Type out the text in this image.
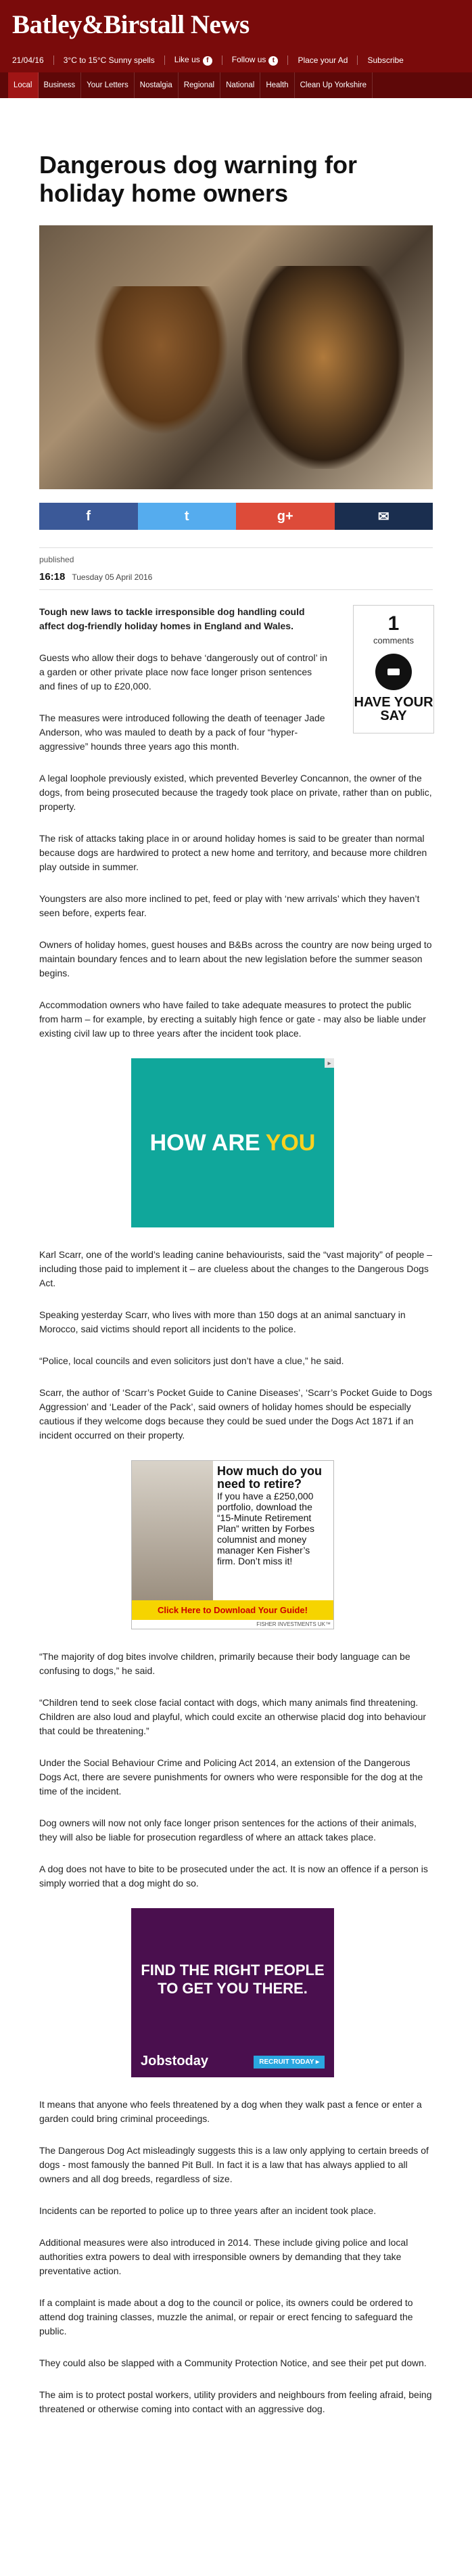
Batley&Birstall News
21/04/16 3°C to 15°C Sunny spells Like us f	Follow us t	Place your Ad Subscribe
Local	Business	Your Letters	Nostalgia	Regional	National	Health	Clean Up Yorkshire
Dangerous dog warning for holiday home owners
f	t	g+	✉
published
16:18 Tuesday 05 April 2016
1
comments
HAVE YOUR SAY

Tough new laws to tackle irresponsible dog handling could affect dog-friendly holiday homes in England and Wales.

Guests who allow their dogs to behave ‘dangerously out of control’ in a garden or other private place now face longer prison sentences and fines of up to £20,000.

The measures were introduced following the death of teenager Jade Anderson, who was mauled to death by a pack of four “hyper-aggressive” hounds three years ago this month.

A legal loophole previously existed, which prevented Beverley Concannon, the owner of the dogs, from being prosecuted because the tragedy took place on private, rather than on public, property.

The risk of attacks taking place in or around holiday homes is said to be greater than normal because dogs are hardwired to protect a new home and territory, and because more children play outside in summer.

Youngsters are also more inclined to pet, feed or play with ‘new arrivals’ which they haven’t seen before, experts fear.

Owners of holiday homes, guest houses and B&Bs across the country are now being urged to maintain boundary fences and to learn about the new legislation before the summer season begins.

Accommodation owners who have failed to take adequate measures to protect the public from harm – for example, by erecting a suitably high fence or gate - may also be liable under existing civil law up to three years after the incident took place.

HOW ARE YOU
▸

Karl Scarr, one of the world’s leading canine behaviourists, said the “vast majority” of people – including those paid to implement it – are clueless about the changes to the Dangerous Dogs Act.

Speaking yesterday Scarr, who lives with more than 150 dogs at an animal sanctuary in Morocco, said victims should report all incidents to the police.

“Police, local councils and even solicitors just don’t have a clue,” he said.

Scarr, the author of ‘Scarr’s Pocket Guide to Canine Diseases’, ‘Scarr’s Pocket Guide to Dogs Aggression’ and ‘Leader of the Pack’, said owners of holiday homes should be especially cautious if they welcome dogs because they could be sued under the Dogs Act 1871 if an incident occurred on their property.

How much do you need to retire?
If you have a £250,000 portfolio, download the “15-Minute Retirement Plan” written by Forbes columnist and money manager Ken Fisher’s firm. Don’t miss it!
Click Here to Download Your Guide!
FISHER INVESTMENTS UK™

“The majority of dog bites involve children, primarily because their body language can be confusing to dogs,” he said.

“Children tend to seek close facial contact with dogs, which many animals find threatening. Children are also loud and playful, which could excite an otherwise placid dog into behaviour that could be threatening.”

Under the Social Behaviour Crime and Policing Act 2014, an extension of the Dangerous Dogs Act, there are severe punishments for owners who were responsible for the dog at the time of the incident.

Dog owners will now not only face longer prison sentences for the actions of their animals, they will also be liable for prosecution regardless of where an attack takes place.

A dog does not have to bite to be prosecuted under the act. It is now an offence if a person is simply worried that a dog might do so.

FIND THE RIGHT PEOPLE TO GET YOU THERE.
Jobstoday	RECRUIT TODAY ▸

It means that anyone who feels threatened by a dog when they walk past a fence or enter a garden could bring criminal proceedings.

The Dangerous Dog Act misleadingly suggests this is a law only applying to certain breeds of dogs - most famously the banned Pit Bull. In fact it is a law that has always applied to all owners and all dog breeds, regardless of size.

Incidents can be reported to police up to three years after an incident took place.

Additional measures were also introduced in 2014. These include giving police and local authorities extra powers to deal with irresponsible owners by demanding that they take preventative action.

If a complaint is made about a dog to the council or police, its owners could be ordered to attend dog training classes, muzzle the animal, or repair or erect fencing to safeguard the public.

They could also be slapped with a Community Protection Notice, and see their pet put down.

The aim is to protect postal workers, utility providers and neighbours from feeling afraid, being threatened or otherwise coming into contact with an aggressive dog.
